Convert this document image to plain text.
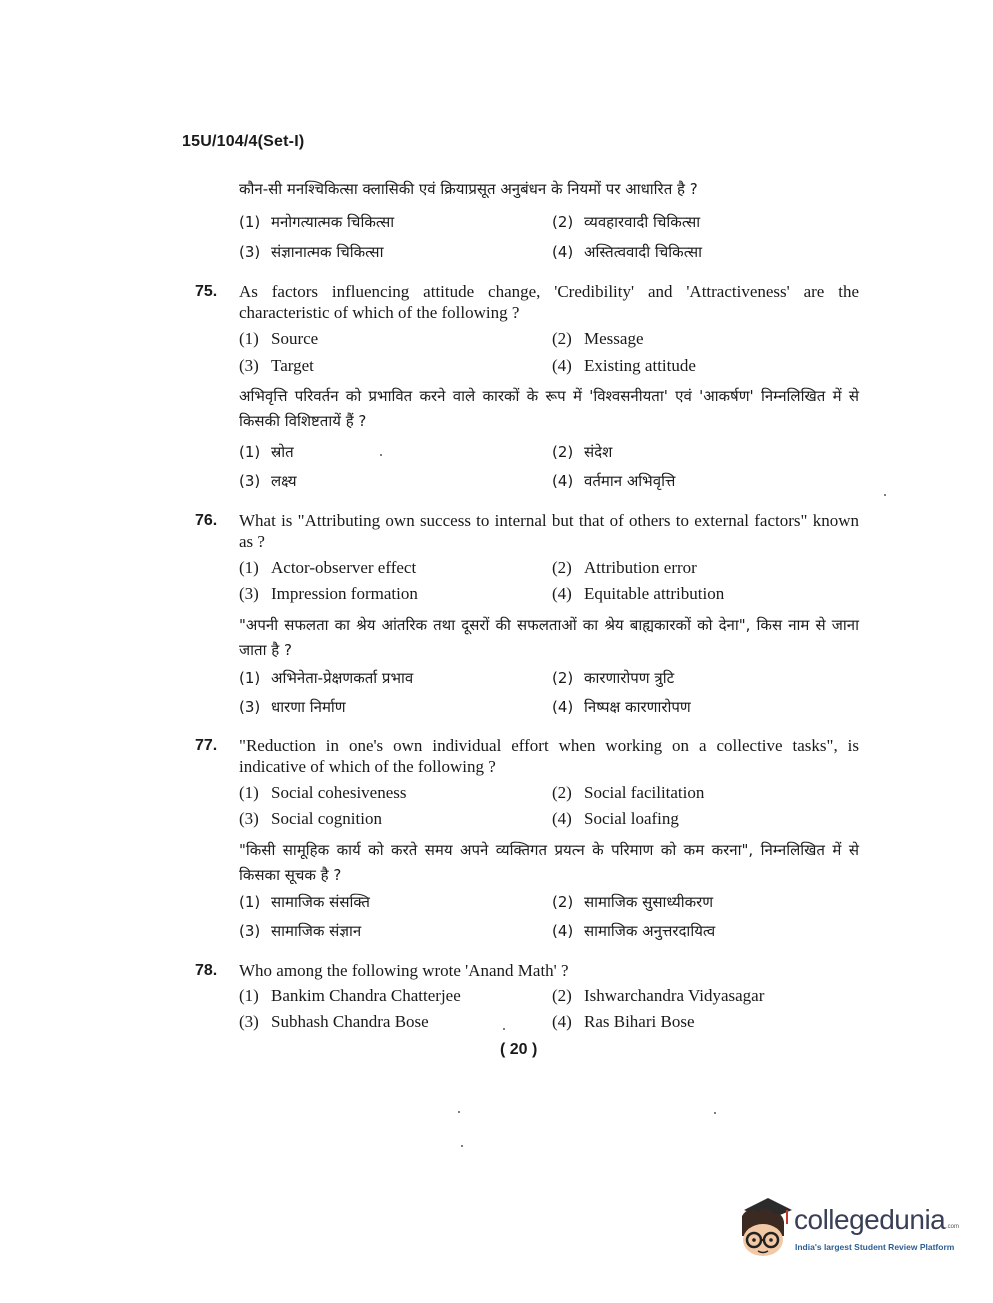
15U/104/4(Set-I)
कौन-सी मनश्चिकित्सा क्लासिकी एवं क्रियाप्रसूत अनुबंधन के नियमों पर आधारित है ?
(1) मनोगत्यात्मक चिकित्सा	(2) व्यवहारवादी चिकित्सा
(3) संज्ञानात्मक चिकित्सा	(4) अस्तित्ववादी चिकित्सा
75. As factors influencing attitude change, 'Credibility' and 'Attractiveness' are the characteristic of which of the following ?
(1) Source	(2) Message
(3) Target	(4) Existing attitude
अभिवृत्ति परिवर्तन को प्रभावित करने वाले कारकों के रूप में 'विश्वसनीयता' एवं 'आकर्षण' निम्नलिखित में से किसकी विशिष्टतायें हैं ?
(1) स्रोत	(2) संदेश
(3) लक्ष्य	(4) वर्तमान अभिवृत्ति
76. What is "Attributing own success to internal but that of others to external factors" known as ?
(1) Actor-observer effect	(2) Attribution error
(3) Impression formation	(4) Equitable attribution
"अपनी सफलता का श्रेय आंतरिक तथा दूसरों की सफलताओं का श्रेय बाह्यकारकों को देना", किस नाम से जाना जाता है ?
(1) अभिनेता-प्रेक्षणकर्ता प्रभाव	(2) कारणारोपण त्रुटि
(3) धारणा निर्माण	(4) निष्पक्ष कारणारोपण
77. "Reduction in one's own individual effort when working on a collective tasks", is indicative of which of the following ?
(1) Social cohesiveness	(2) Social facilitation
(3) Social cognition	(4) Social loafing
"किसी सामूहिक कार्य को करते समय अपने व्यक्तिगत प्रयत्न के परिमाण को कम करना", निम्नलिखित में से किसका सूचक है ?
(1) सामाजिक संसक्ति	(2) सामाजिक सुसाध्यीकरण
(3) सामाजिक संज्ञान	(4) सामाजिक अनुत्तरदायित्व
78. Who among the following wrote 'Anand Math' ?
(1) Bankim Chandra Chatterjee	(2) Ishwarchandra Vidyasagar
(3) Subhash Chandra Bose	(4) Ras Bihari Bose
( 20 )
collegedunia .com
India's largest Student Review Platform
